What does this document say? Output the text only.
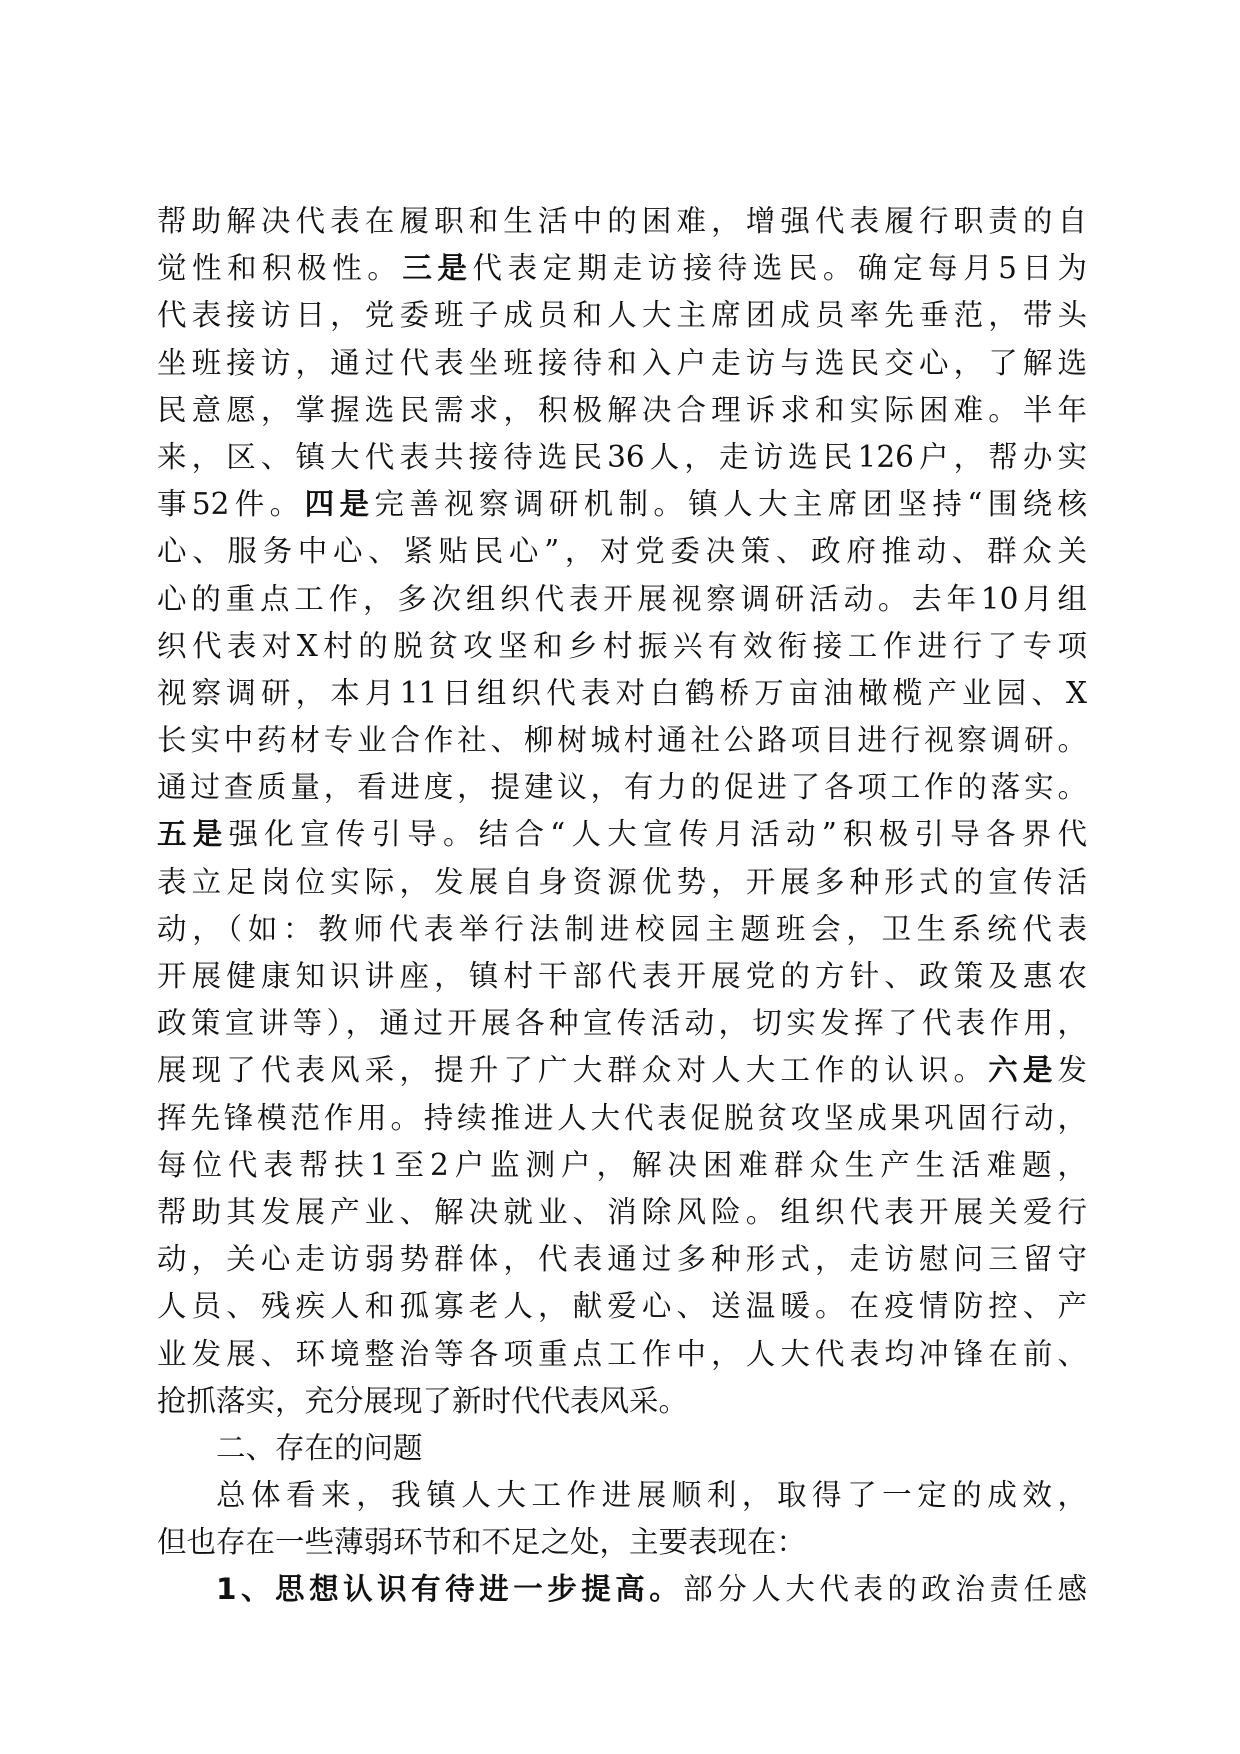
帮助解决代表在履职和生活中的困难，增强代表履行职责的自
觉性和积极性。三是代表定期走访接待选民。确定每月5日为
代表接访日，党委班子成员和人大主席团成员率先垂范，带头
坐班接访，通过代表坐班接待和入户走访与选民交心，了解选
民意愿，掌握选民需求，积极解决合理诉求和实际困难。半年
来，区、镇大代表共接待选民36人，走访选民126户，帮办实
事52件。四是完善视察调研机制。镇人大主席团坚持“围绕核
心、服务中心、紧贴民心”，对党委决策、政府推动、群众关
心的重点工作，多次组织代表开展视察调研活动。去年10月组
织代表对X村的脱贫攻坚和乡村振兴有效衔接工作进行了专项
视察调研，本月11日组织代表对白鹤桥万亩油橄榄产业园、X
长实中药材专业合作社、柳树城村通社公路项目进行视察调研。
通过查质量，看进度，提建议，有力的促进了各项工作的落实。
五是强化宣传引导。结合“人大宣传月活动”积极引导各界代
表立足岗位实际，发展自身资源优势，开展多种形式的宣传活
动，（如：教师代表举行法制进校园主题班会，卫生系统代表
开展健康知识讲座，镇村干部代表开展党的方针、政策及惠农
政策宣讲等），通过开展各种宣传活动，切实发挥了代表作用，
展现了代表风采，提升了广大群众对人大工作的认识。六是发
挥先锋模范作用。持续推进人大代表促脱贫攻坚成果巩固行动，
每位代表帮扶1至2户监测户，解决困难群众生产生活难题，
帮助其发展产业、解决就业、消除风险。组织代表开展关爱行
动，关心走访弱势群体，代表通过多种形式，走访慰问三留守
人员、残疾人和孤寡老人，献爱心、送温暖。在疫情防控、产
业发展、环境整治等各项重点工作中，人大代表均冲锋在前、
抢抓落实，充分展现了新时代代表风采。
二、存在的问题
总体看来，我镇人大工作进展顺利，取得了一定的成效，
但也存在一些薄弱环节和不足之处，主要表现在：
1、思想认识有待进一步提高。部分人大代表的政治责任感
